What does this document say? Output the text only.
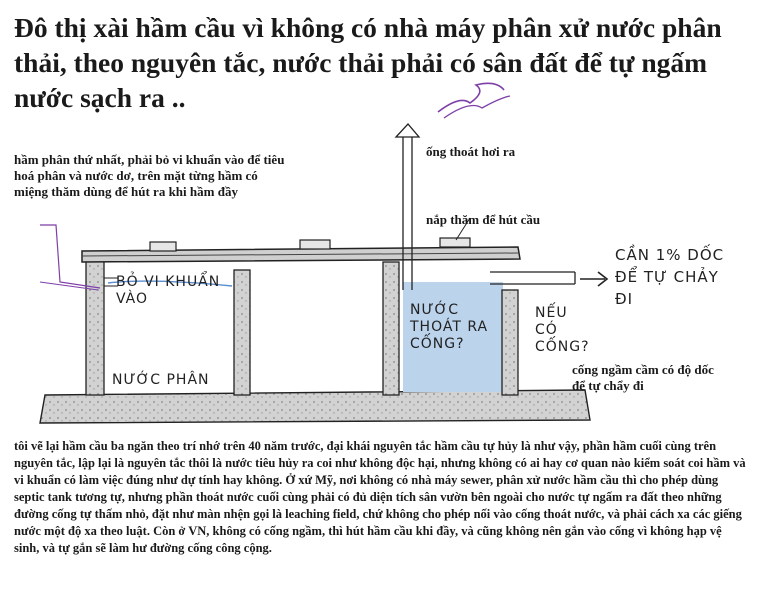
Đô thị xài hầm cầu vì không có nhà máy phân xử nước phân thải, theo nguyên tắc, nước thải phải có sân đất để tự ngấm nước sạch ra ..
hầm phân thứ nhất, phải bỏ vi khuẩn vào để tiêu hoá phân và nước dơ, trên mặt từng hầm có miệng thăm dùng để hút ra khi hầm đầy
ống thoát hơi ra
nắp thăm để hút cầu
cống ngầm cầm có độ dốc để tự chẩy đi
BỎ VI KHUẨN VÀO
NƯỚC PHÂN
NƯỚC THOÁT RA CỐNG?
CẦN 1% DỐC ĐỂ TỰ CHẢY ĐI
NẾU CÓ CỐNG?
tôi vẽ lại hầm cầu ba ngăn theo trí nhớ trên 40 năm trước, đại khái nguyên tắc hầm cầu tự hủy là như vậy, phần hầm cuối cùng trên nguyên tắc, lập lại là nguyên tắc thôi là nước tiêu hủy ra coi như không độc hại, nhưng không có ai hay cơ quan nào kiểm soát coi hầm và vi khuẩn có làm việc đúng như dự tính hay không. Ở xứ Mỹ, nơi không có nhà máy sewer, phân xử nước hầm cầu thì cho phép dùng septic tank tương tự, nhưng phần thoát nước cuối cùng phải có đủ diện tích sân vườn bên ngoài cho nước tự ngấm ra đất theo những đường cống tự thấm nhỏ, đặt như màn nhện gọi là leaching field, chứ không cho phép nối vào cống thoát nước, và phải cách xa các giếng nước một độ xa theo luật. Còn ở VN, không có cống ngầm, thì hút hầm cầu khi đầy, và cũng không nên gắn vào cống vì không hạp vệ sinh, và tự gắn sẽ làm hư đường cống công cộng.
